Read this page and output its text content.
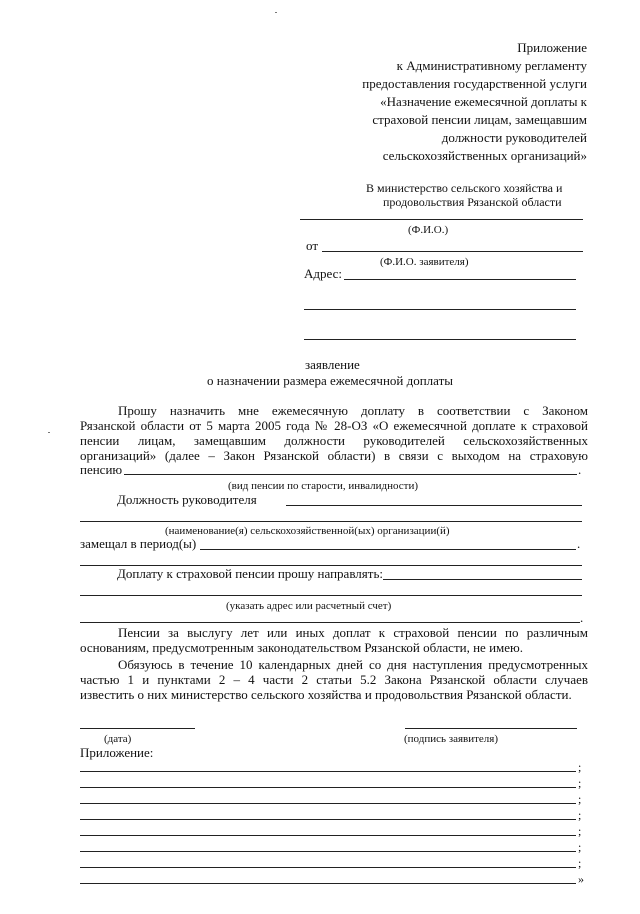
Приложение
к Административному регламенту
предоставления государственной услуги
«Назначение ежемесячной доплаты к
страховой пенсии лицам, замещавшим
должности руководителей
сельскохозяйственных организаций»
В министерство сельского хозяйства и
продовольствия Рязанской области
(Ф.И.О.)
от
(Ф.И.О. заявителя)
Адрес:
заявление
о назначении размера ежемесячной доплаты
Прошу назначить мне ежемесячную доплату в соответствии с Законом
Рязанской области от 5 марта 2005 года № 28-ОЗ «О ежемесячной доплате к страховой
пенсии лицам, замещавшим должности руководителей сельскохозяйственных
организаций» (далее – Закон Рязанской области) в связи с выходом на страховую
пенсию	.
(вид пенсии по старости, инвалидности)
Должность руководителя
(наименование(я) сельскохозяйственной(ых) организации(й)
замещал в период(ы)	.
Доплату к страховой пенсии прошу направлять:
(указать адрес или расчетный счет)
.
Пенсии за выслугу лет или иных доплат к страховой пенсии по различным
основаниям, предусмотренным законодательством Рязанской области, не имею.
Обязуюсь в течение 10 календарных дней со дня наступления предусмотренных
частью 1 и пунктами 2 – 4 части 2 статьи 5.2 Закона Рязанской области случаев
известить о них министерство сельского хозяйства и продовольствия Рязанской области.
(дата)	(подпись заявителя)
Приложение:
;
;
;
;
;
;
;
»
